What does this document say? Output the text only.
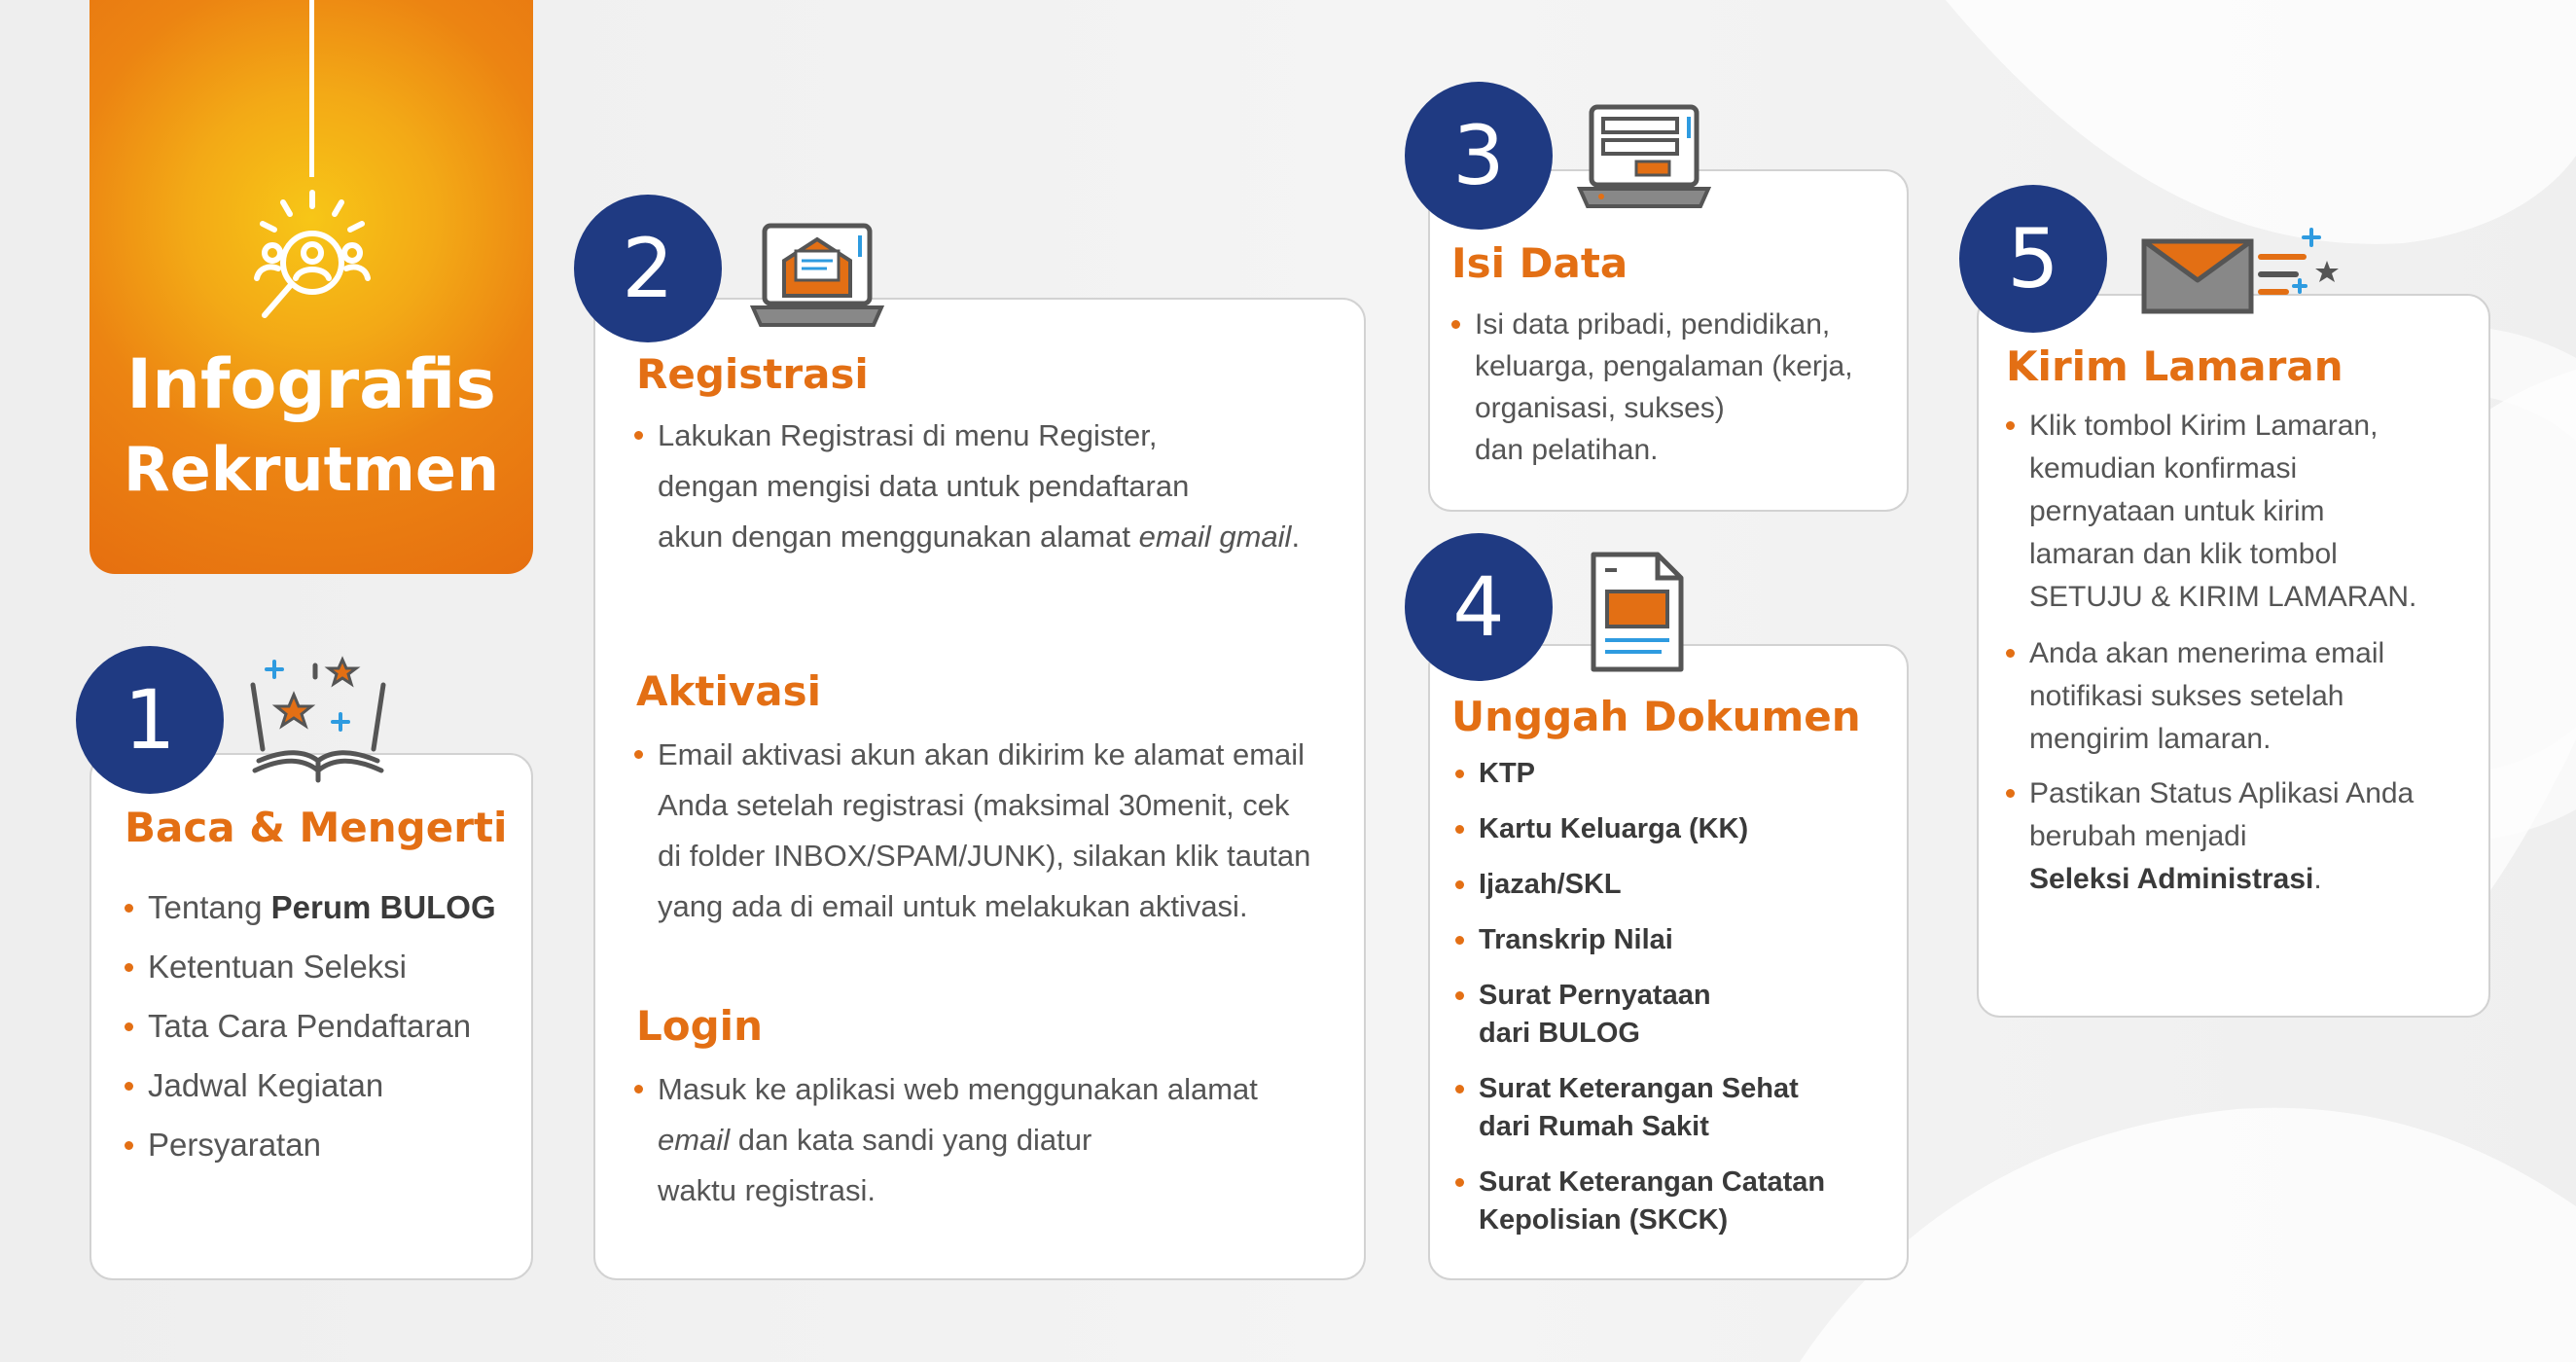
Infografis
Rekrutmen
1
Baca & Mengerti
Tentang Perum BULOG
Ketentuan Seleksi
Tata Cara Pendaftaran
Jadwal Kegiatan
Persyaratan
2
Registrasi
Lakukan Registrasi di menu Register,
dengan mengisi data untuk pendaftaran
akun dengan menggunakan alamat email gmail.
Aktivasi
Email aktivasi akun akan dikirim ke alamat email
Anda setelah registrasi (maksimal 30menit, cek
di folder INBOX/SPAM/JUNK), silakan klik tautan
yang ada di email untuk melakukan aktivasi.
Login
Masuk ke aplikasi web menggunakan alamat
email dan kata sandi yang diatur
waktu registrasi.
3
Isi Data
Isi data pribadi, pendidikan,
keluarga, pengalaman (kerja,
organisasi, sukses)
dan pelatihan.
4
Unggah Dokumen
KTP
Kartu Keluarga (KK)
Ijazah/SKL
Transkrip Nilai
Surat Pernyataan
dari BULOG
Surat Keterangan Sehat
dari Rumah Sakit
Surat Keterangan Catatan
Kepolisian (SKCK)
5
Kirim Lamaran
Klik tombol Kirim Lamaran,
kemudian konfirmasi
pernyataan untuk kirim
lamaran dan klik tombol
SETUJU & KIRIM LAMARAN.
Anda akan menerima email
notifikasi sukses setelah
mengirim lamaran.
Pastikan Status Aplikasi Anda
berubah menjadi
Seleksi Administrasi.
